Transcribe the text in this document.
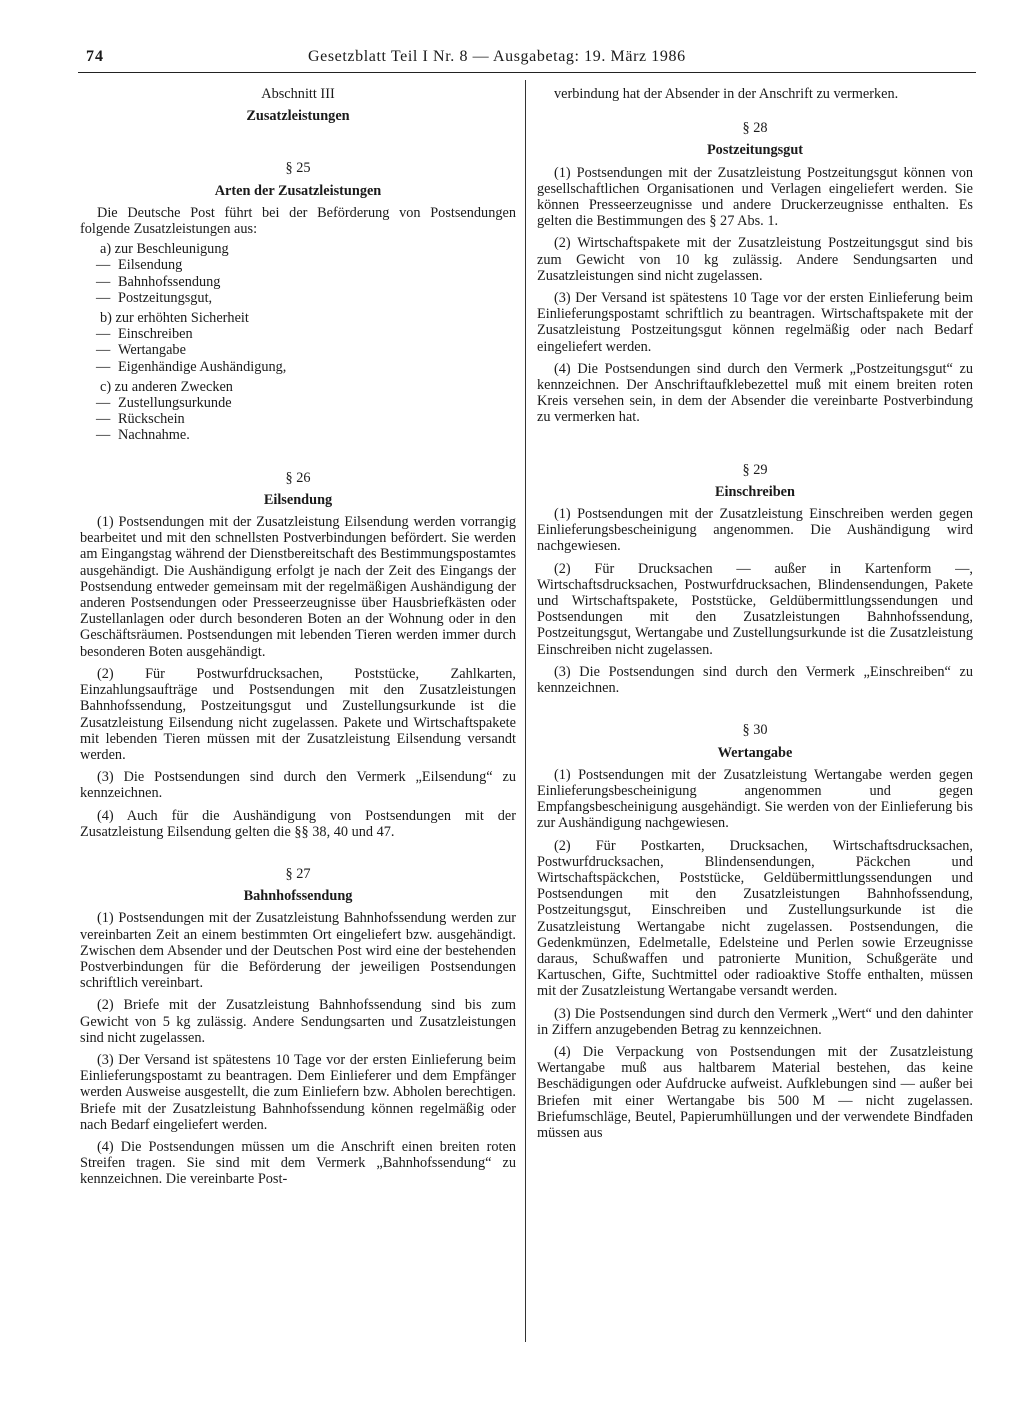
74	Gesetzblatt Teil I Nr. 8 — Ausgabetag: 19. März 1986

Abschnitt III

Zusatzleistungen

§ 25

Arten der Zusatzleistungen

Die Deutsche Post führt bei der Beförderung von Postsendungen folgende Zusatzleistungen aus:

a) zur Beschleunigung
— Eilsendung
— Bahnhofssendung
— Postzeitungsgut,
b) zur erhöhten Sicherheit
— Einschreiben
— Wertangabe
— Eigenhändige Aushändigung,
c) zu anderen Zwecken
— Zustellungsurkunde
— Rückschein
— Nachnahme.

§ 26

Eilsendung

(1) Postsendungen mit der Zusatzleistung Eilsendung werden vorrangig bearbeitet und mit den schnellsten Postverbindungen befördert. Sie werden am Eingangstag während der Dienstbereitschaft des Bestimmungspostamtes ausgehändigt. Die Aushändigung erfolgt je nach der Zeit des Eingangs der Postsendung entweder gemeinsam mit der regelmäßigen Aushändigung der anderen Postsendungen oder Presseerzeugnisse über Hausbriefkästen oder Zustellanlagen oder durch besonderen Boten an der Wohnung oder in den Geschäftsräumen. Postsendungen mit lebenden Tieren werden immer durch besonderen Boten ausgehändigt.

(2) Für Postwurfdrucksachen, Poststücke, Zahlkarten, Einzahlungsaufträge und Postsendungen mit den Zusatzleistungen Bahnhofssendung, Postzeitungsgut und Zustellungsurkunde ist die Zusatzleistung Eilsendung nicht zugelassen. Pakete und Wirtschaftspakete mit lebenden Tieren müssen mit der Zusatzleistung Eilsendung versandt werden.

(3) Die Postsendungen sind durch den Vermerk „Eilsendung“ zu kennzeichnen.

(4) Auch für die Aushändigung von Postsendungen mit der Zusatzleistung Eilsendung gelten die §§ 38, 40 und 47.

§ 27

Bahnhofssendung

(1) Postsendungen mit der Zusatzleistung Bahnhofssendung werden zur vereinbarten Zeit an einem bestimmten Ort eingeliefert bzw. ausgehändigt. Zwischen dem Absender und der Deutschen Post wird eine der bestehenden Postverbindungen für die Beförderung der jeweiligen Postsendungen schriftlich vereinbart.

(2) Briefe mit der Zusatzleistung Bahnhofssendung sind bis zum Gewicht von 5 kg zulässig. Andere Sendungsarten und Zusatzleistungen sind nicht zugelassen.

(3) Der Versand ist spätestens 10 Tage vor der ersten Einlieferung beim Einlieferungspostamt zu beantragen. Dem Einlieferer und dem Empfänger werden Ausweise ausgestellt, die zum Einliefern bzw. Abholen berechtigen. Briefe mit der Zusatzleistung Bahnhofssendung können regelmäßig oder nach Bedarf eingeliefert werden.

(4) Die Postsendungen müssen um die Anschrift einen breiten roten Streifen tragen. Sie sind mit dem Vermerk „Bahnhofssendung“ zu kennzeichnen. Die vereinbarte Post-

verbindung hat der Absender in der Anschrift zu vermerken.

§ 28

Postzeitungsgut

(1) Postsendungen mit der Zusatzleistung Postzeitungsgut können von gesellschaftlichen Organisationen und Verlagen eingeliefert werden. Sie können Presseerzeugnisse und andere Druckerzeugnisse enthalten. Es gelten die Bestimmungen des § 27 Abs. 1.

(2) Wirtschaftspakete mit der Zusatzleistung Postzeitungsgut sind bis zum Gewicht von 10 kg zulässig. Andere Sendungsarten und Zusatzleistungen sind nicht zugelassen.

(3) Der Versand ist spätestens 10 Tage vor der ersten Einlieferung beim Einlieferungspostamt schriftlich zu beantragen. Wirtschaftspakete mit der Zusatzleistung Postzeitungsgut können regelmäßig oder nach Bedarf eingeliefert werden.

(4) Die Postsendungen sind durch den Vermerk „Postzeitungsgut“ zu kennzeichnen. Der Anschriftaufklebezettel muß mit einem breiten roten Kreis versehen sein, in dem der Absender die vereinbarte Postverbindung zu vermerken hat.

§ 29

Einschreiben

(1) Postsendungen mit der Zusatzleistung Einschreiben werden gegen Einlieferungsbescheinigung angenommen. Die Aushändigung wird nachgewiesen.

(2) Für Drucksachen — außer in Kartenform —, Wirtschaftsdrucksachen, Postwurfdrucksachen, Blindensendungen, Pakete und Wirtschaftspakete, Poststücke, Geldübermittlungssendungen und Postsendungen mit den Zusatzleistungen Bahnhofssendung, Postzeitungsgut, Wertangabe und Zustellungsurkunde ist die Zusatzleistung Einschreiben nicht zugelassen.

(3) Die Postsendungen sind durch den Vermerk „Einschreiben“ zu kennzeichnen.

§ 30

Wertangabe

(1) Postsendungen mit der Zusatzleistung Wertangabe werden gegen Einlieferungsbescheinigung angenommen und gegen Empfangsbescheinigung ausgehändigt. Sie werden von der Einlieferung bis zur Aushändigung nachgewiesen.

(2) Für Postkarten, Drucksachen, Wirtschaftsdrucksachen, Postwurfdrucksachen, Blindensendungen, Päckchen und Wirtschaftspäckchen, Poststücke, Geldübermittlungssendungen und Postsendungen mit den Zusatzleistungen Bahnhofssendung, Postzeitungsgut, Einschreiben und Zustellungsurkunde ist die Zusatzleistung Wertangabe nicht zugelassen. Postsendungen, die Gedenkmünzen, Edelmetalle, Edelsteine und Perlen sowie Erzeugnisse daraus, Schußwaffen und patronierte Munition, Schußgeräte und Kartuschen, Gifte, Suchtmittel oder radioaktive Stoffe enthalten, müssen mit der Zusatzleistung Wertangabe versandt werden.

(3) Die Postsendungen sind durch den Vermerk „Wert“ und den dahinter in Ziffern anzugebenden Betrag zu kennzeichnen.

(4) Die Verpackung von Postsendungen mit der Zusatzleistung Wertangabe muß aus haltbarem Material bestehen, das keine Beschädigungen oder Aufdrucke aufweist. Aufklebungen sind — außer bei Briefen mit einer Wertangabe bis 500 M — nicht zugelassen. Briefumschläge, Beutel, Papierumhüllungen und der verwendete Bindfaden müssen aus
